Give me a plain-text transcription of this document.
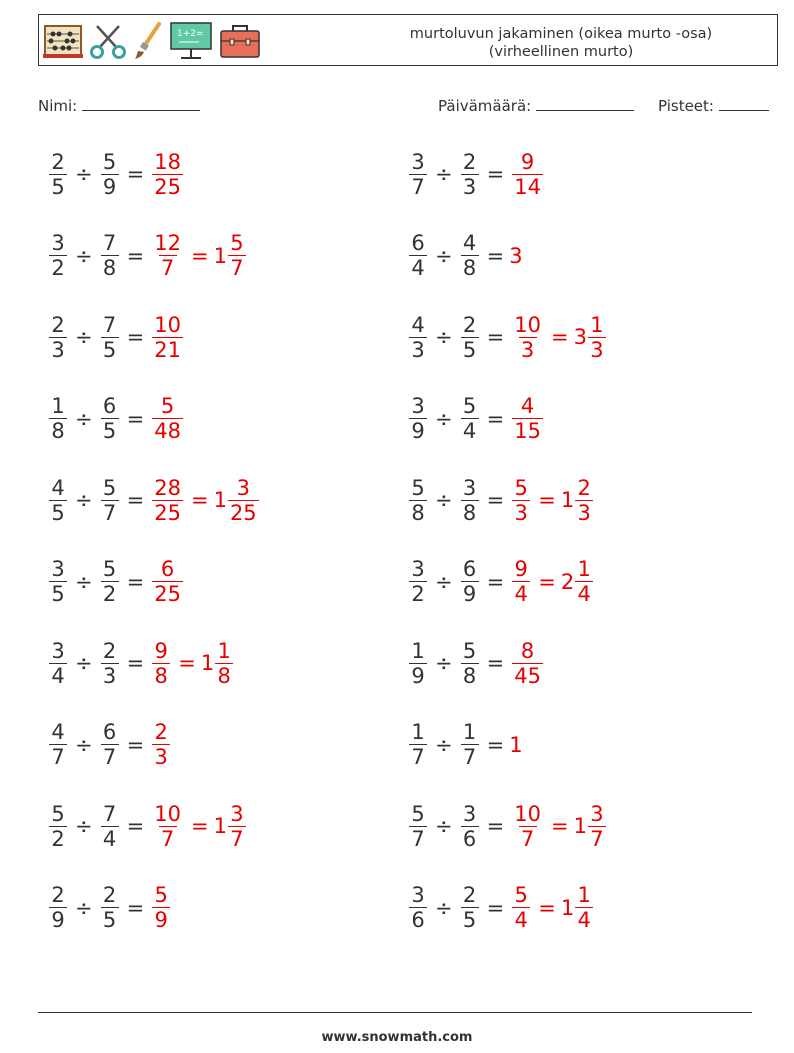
1+2=	murtoluvun jakaminen (oikea murto -osa)
(virheellinen murto)
Nimi:	Päivämäärä:	Pisteet:
$\frac{2}{5} \div \frac{5}{9} = \frac{18}{25}$	$\frac{3}{7} \div \frac{2}{3} = \frac{9}{14}$
$\frac{3}{2} \div \frac{7}{8} = \frac{12}{7} = 1 \frac{5}{7}$	$\frac{6}{4} \div \frac{4}{8} = 3$
$\frac{2}{3} \div \frac{7}{5} = \frac{10}{21}$	$\frac{4}{3} \div \frac{2}{5} = \frac{10}{3} = 3 \frac{1}{3}$
$\frac{1}{8} \div \frac{6}{5} = \frac{5}{48}$	$\frac{3}{9} \div \frac{5}{4} = \frac{4}{15}$
$\frac{4}{5} \div \frac{5}{7} = \frac{28}{25} = 1 \frac{3}{25}$	$\frac{5}{8} \div \frac{3}{8} = \frac{5}{3} = 1 \frac{2}{3}$
$\frac{3}{5} \div \frac{5}{2} = \frac{6}{25}$	$\frac{3}{2} \div \frac{6}{9} = \frac{9}{4} = 2 \frac{1}{4}$
$\frac{3}{4} \div \frac{2}{3} = \frac{9}{8} = 1 \frac{1}{8}$	$\frac{1}{9} \div \frac{5}{8} = \frac{8}{45}$
$\frac{4}{7} \div \frac{6}{7} = \frac{2}{3}$	$\frac{1}{7} \div \frac{1}{7} = 1$
$\frac{5}{2} \div \frac{7}{4} = \frac{10}{7} = 1 \frac{3}{7}$	$\frac{5}{7} \div \frac{3}{6} = \frac{10}{7} = 1 \frac{3}{7}$
$\frac{2}{9} \div \frac{2}{5} = \frac{5}{9}$	$\frac{3}{6} \div \frac{2}{5} = \frac{5}{4} = 1 \frac{1}{4}$
www.snowmath.com
